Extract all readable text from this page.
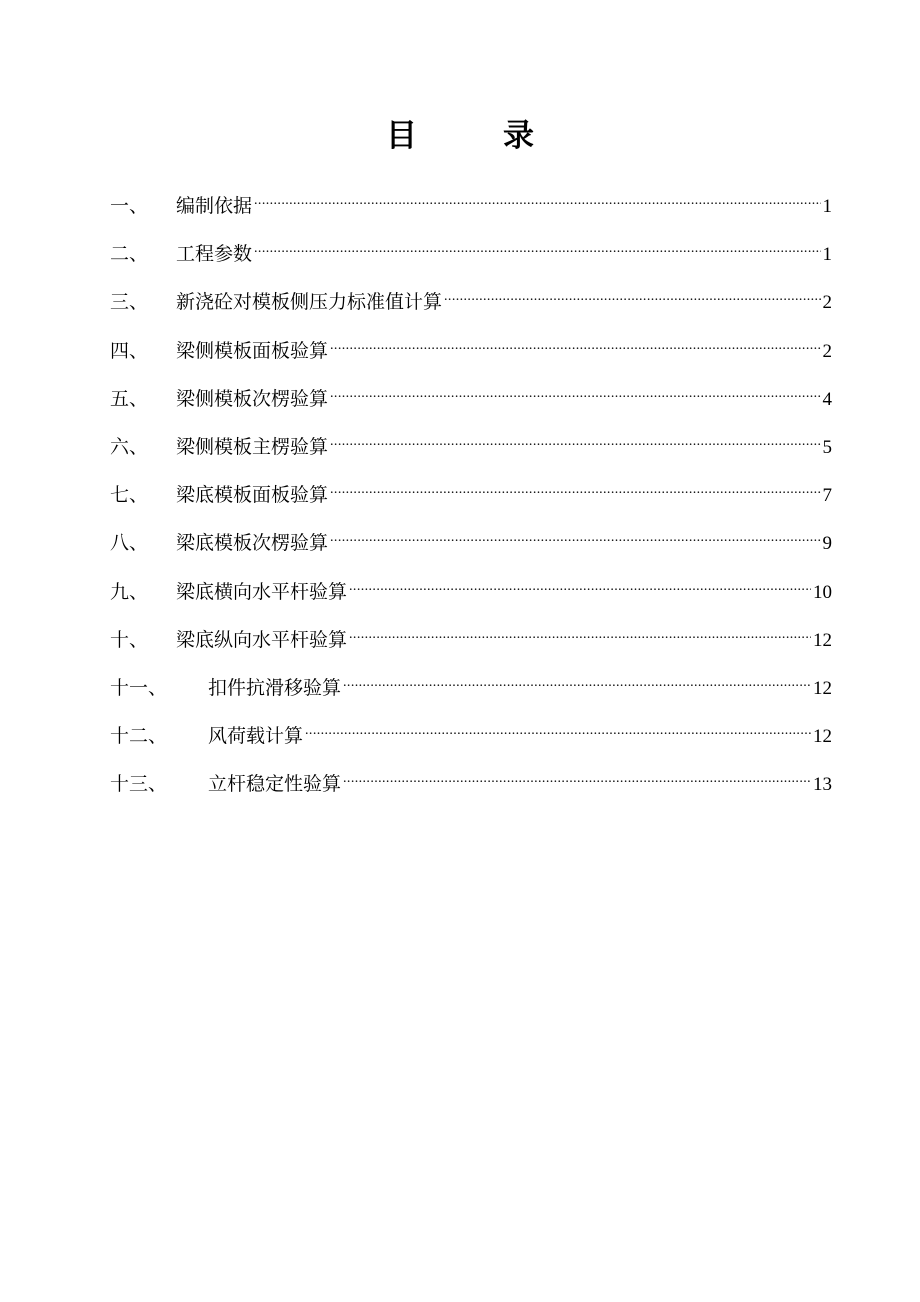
目	录
一、	编制依据 .....	1
二、	工程参数 .....	1
三、	新浇砼对模板侧压力标准值计算 .....	2
四、	梁侧模板面板验算 .....	2
五、	梁侧模板次楞验算 .....	4
六、	梁侧模板主楞验算 .....	5
七、	梁底模板面板验算 .....	7
八、	梁底模板次楞验算 .....	9
九、	梁底横向水平杆验算 .....	10
十、	梁底纵向水平杆验算 .....	12
十一、	扣件抗滑移验算 .....	12
十二、	风荷载计算 .....	12
十三、	立杆稳定性验算 .....	13
